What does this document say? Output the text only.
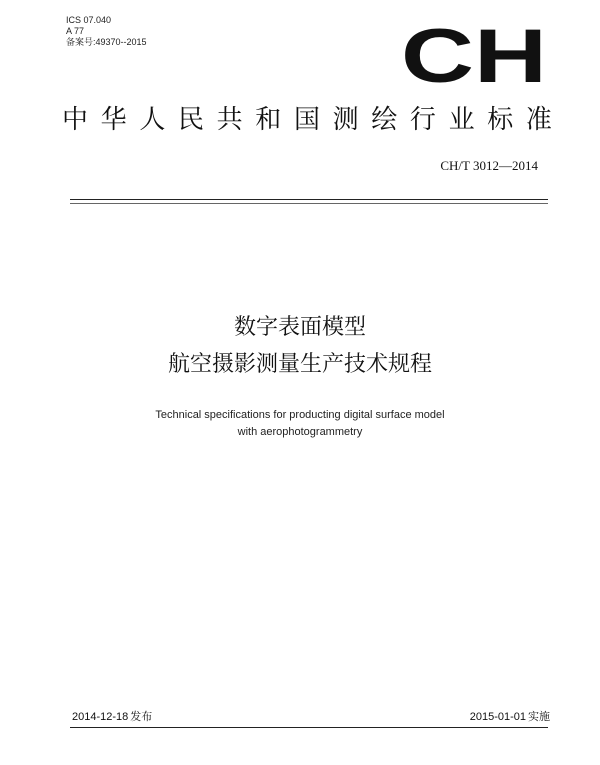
ICS 07.040
A 77
备案号:49370--2015	CH
中 华 人 民 共 和 国 测 绘 行 业 标 准
CH/T 3012—2014
数字表面模型
航空摄影测量生产技术规程
Technical specifications for producting digital surface model
with aerophotogrammetry
2014-12-18 发布	2015-01-01 实施
